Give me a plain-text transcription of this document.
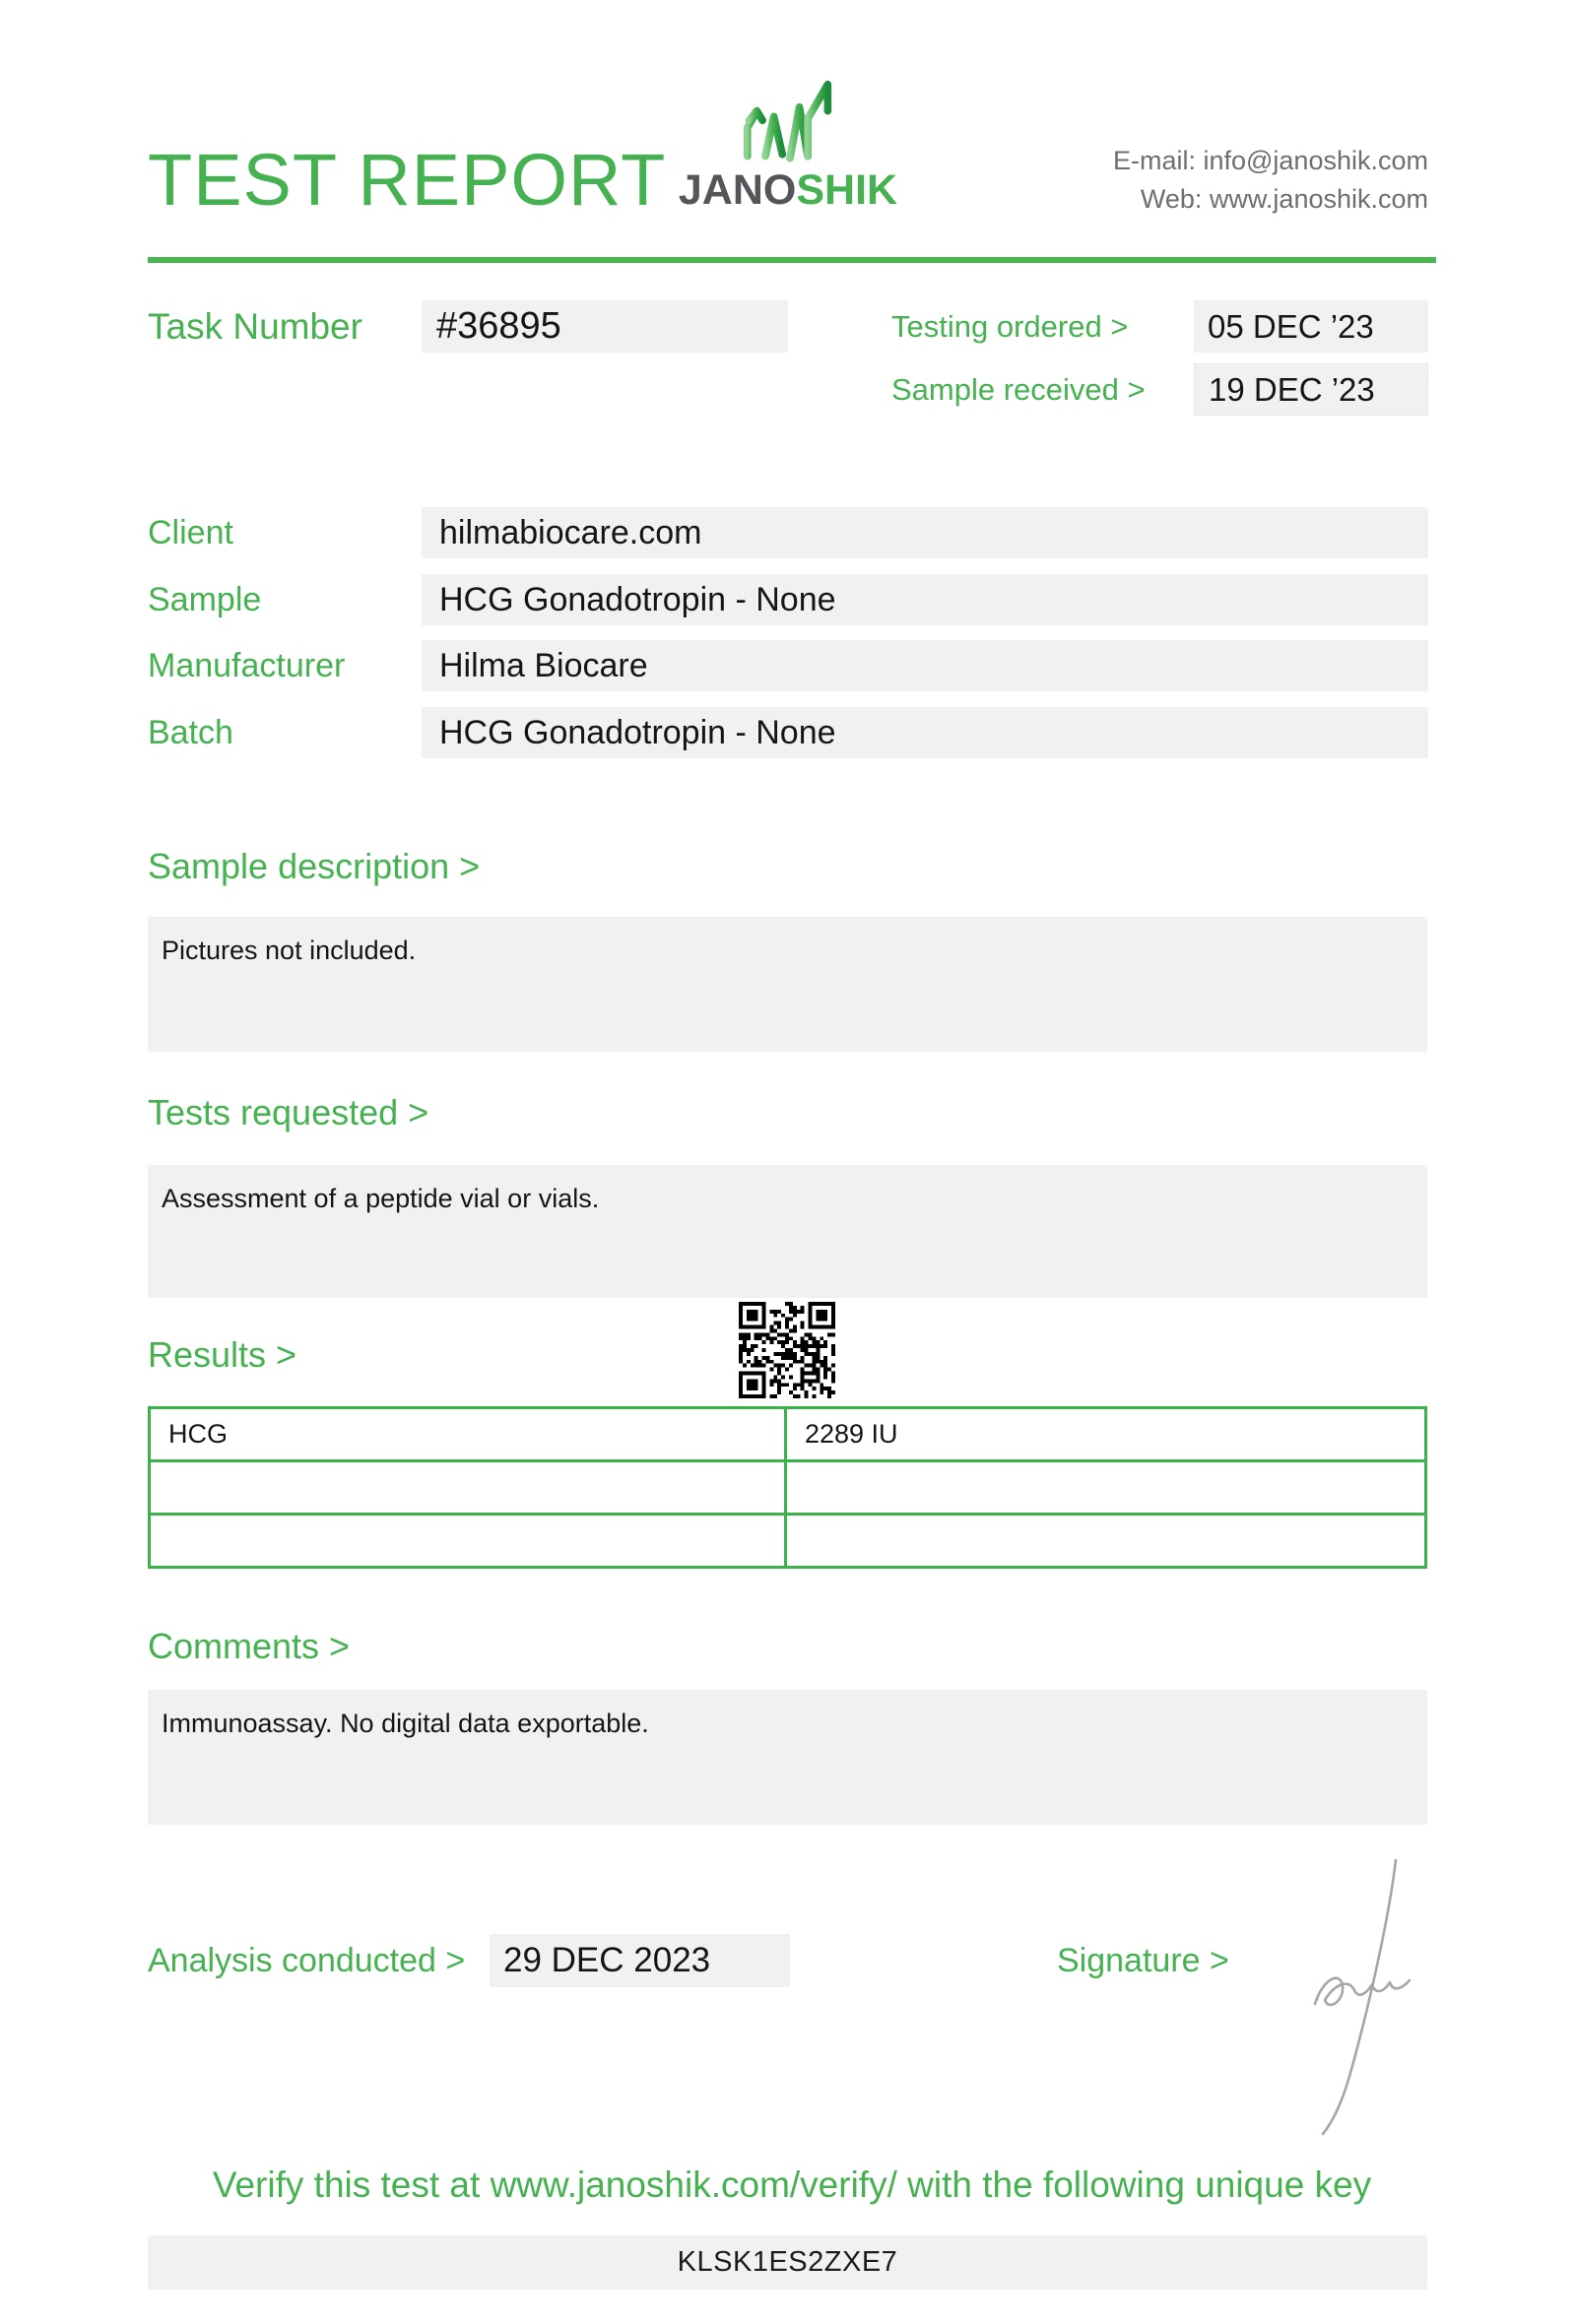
TEST REPORT JANOSHIK
E-mail: info@janoshik.com
Web: www.janoshik.com
Task Number	#36895	Testing ordered >	05 DEC ’23
Sample received >	19 DEC ’23
Client	hilmabiocare.com
Sample	HCG Gonadotropin - None
Manufacturer	Hilma Biocare
Batch	HCG Gonadotropin - None
Sample description >
Pictures not included.
Tests requested >
Assessment of a peptide vial or vials.
Results >
HCG	2289 IU

Comments >
Immunoassay. No digital data exportable.
Analysis conducted >	29 DEC 2023	Signature >
Verify this test at www.janoshik.com/verify/ with the following unique key
KLSK1ES2ZXE7
